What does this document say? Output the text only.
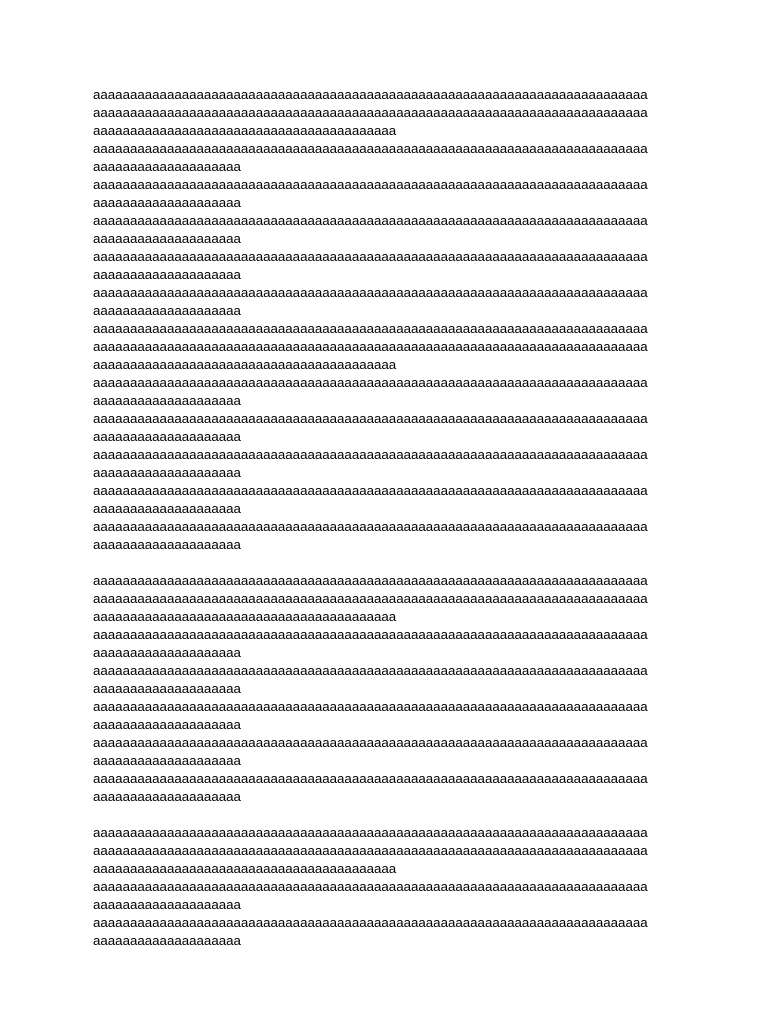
aaaaaaaaaaaaaaaaaaaaaaaaaaaaaaaaaaaaaaaaaaaaaaaaaaaaaaaaaaaaaaaaaaaaaaaaaaa
aaaaaaaaaaaaaaaaaaaaaaaaaaaaaaaaaaaaaaaaaaaaaaaaaaaaaaaaaaaaaaaaaaaaaaaaaaa
aaaaaaaaaaaaaaaaaaaaaaaaaaaaaaaaaaaaaaaaa
aaaaaaaaaaaaaaaaaaaaaaaaaaaaaaaaaaaaaaaaaaaaaaaaaaaaaaaaaaaaaaaaaaaaaaaaaaa
aaaaaaaaaaaaaaaaaaaa
aaaaaaaaaaaaaaaaaaaaaaaaaaaaaaaaaaaaaaaaaaaaaaaaaaaaaaaaaaaaaaaaaaaaaaaaaaa
aaaaaaaaaaaaaaaaaaaa
aaaaaaaaaaaaaaaaaaaaaaaaaaaaaaaaaaaaaaaaaaaaaaaaaaaaaaaaaaaaaaaaaaaaaaaaaaa
aaaaaaaaaaaaaaaaaaaa
aaaaaaaaaaaaaaaaaaaaaaaaaaaaaaaaaaaaaaaaaaaaaaaaaaaaaaaaaaaaaaaaaaaaaaaaaaa
aaaaaaaaaaaaaaaaaaaa
aaaaaaaaaaaaaaaaaaaaaaaaaaaaaaaaaaaaaaaaaaaaaaaaaaaaaaaaaaaaaaaaaaaaaaaaaaa
aaaaaaaaaaaaaaaaaaaa
aaaaaaaaaaaaaaaaaaaaaaaaaaaaaaaaaaaaaaaaaaaaaaaaaaaaaaaaaaaaaaaaaaaaaaaaaaa
aaaaaaaaaaaaaaaaaaaaaaaaaaaaaaaaaaaaaaaaaaaaaaaaaaaaaaaaaaaaaaaaaaaaaaaaaaa
aaaaaaaaaaaaaaaaaaaaaaaaaaaaaaaaaaaaaaaaa
aaaaaaaaaaaaaaaaaaaaaaaaaaaaaaaaaaaaaaaaaaaaaaaaaaaaaaaaaaaaaaaaaaaaaaaaaaa
aaaaaaaaaaaaaaaaaaaa
aaaaaaaaaaaaaaaaaaaaaaaaaaaaaaaaaaaaaaaaaaaaaaaaaaaaaaaaaaaaaaaaaaaaaaaaaaa
aaaaaaaaaaaaaaaaaaaa
aaaaaaaaaaaaaaaaaaaaaaaaaaaaaaaaaaaaaaaaaaaaaaaaaaaaaaaaaaaaaaaaaaaaaaaaaaa
aaaaaaaaaaaaaaaaaaaa
aaaaaaaaaaaaaaaaaaaaaaaaaaaaaaaaaaaaaaaaaaaaaaaaaaaaaaaaaaaaaaaaaaaaaaaaaaa
aaaaaaaaaaaaaaaaaaaa
aaaaaaaaaaaaaaaaaaaaaaaaaaaaaaaaaaaaaaaaaaaaaaaaaaaaaaaaaaaaaaaaaaaaaaaaaaa
aaaaaaaaaaaaaaaaaaaa
aaaaaaaaaaaaaaaaaaaaaaaaaaaaaaaaaaaaaaaaaaaaaaaaaaaaaaaaaaaaaaaaaaaaaaaaaaa
aaaaaaaaaaaaaaaaaaaaaaaaaaaaaaaaaaaaaaaaaaaaaaaaaaaaaaaaaaaaaaaaaaaaaaaaaaa
aaaaaaaaaaaaaaaaaaaaaaaaaaaaaaaaaaaaaaaaa
aaaaaaaaaaaaaaaaaaaaaaaaaaaaaaaaaaaaaaaaaaaaaaaaaaaaaaaaaaaaaaaaaaaaaaaaaaa
aaaaaaaaaaaaaaaaaaaa
aaaaaaaaaaaaaaaaaaaaaaaaaaaaaaaaaaaaaaaaaaaaaaaaaaaaaaaaaaaaaaaaaaaaaaaaaaa
aaaaaaaaaaaaaaaaaaaa
aaaaaaaaaaaaaaaaaaaaaaaaaaaaaaaaaaaaaaaaaaaaaaaaaaaaaaaaaaaaaaaaaaaaaaaaaaa
aaaaaaaaaaaaaaaaaaaa
aaaaaaaaaaaaaaaaaaaaaaaaaaaaaaaaaaaaaaaaaaaaaaaaaaaaaaaaaaaaaaaaaaaaaaaaaaa
aaaaaaaaaaaaaaaaaaaa
aaaaaaaaaaaaaaaaaaaaaaaaaaaaaaaaaaaaaaaaaaaaaaaaaaaaaaaaaaaaaaaaaaaaaaaaaaa
aaaaaaaaaaaaaaaaaaaa
aaaaaaaaaaaaaaaaaaaaaaaaaaaaaaaaaaaaaaaaaaaaaaaaaaaaaaaaaaaaaaaaaaaaaaaaaaa
aaaaaaaaaaaaaaaaaaaaaaaaaaaaaaaaaaaaaaaaaaaaaaaaaaaaaaaaaaaaaaaaaaaaaaaaaaa
aaaaaaaaaaaaaaaaaaaaaaaaaaaaaaaaaaaaaaaaa
aaaaaaaaaaaaaaaaaaaaaaaaaaaaaaaaaaaaaaaaaaaaaaaaaaaaaaaaaaaaaaaaaaaaaaaaaaa
aaaaaaaaaaaaaaaaaaaa
aaaaaaaaaaaaaaaaaaaaaaaaaaaaaaaaaaaaaaaaaaaaaaaaaaaaaaaaaaaaaaaaaaaaaaaaaaa
aaaaaaaaaaaaaaaaaaaa
